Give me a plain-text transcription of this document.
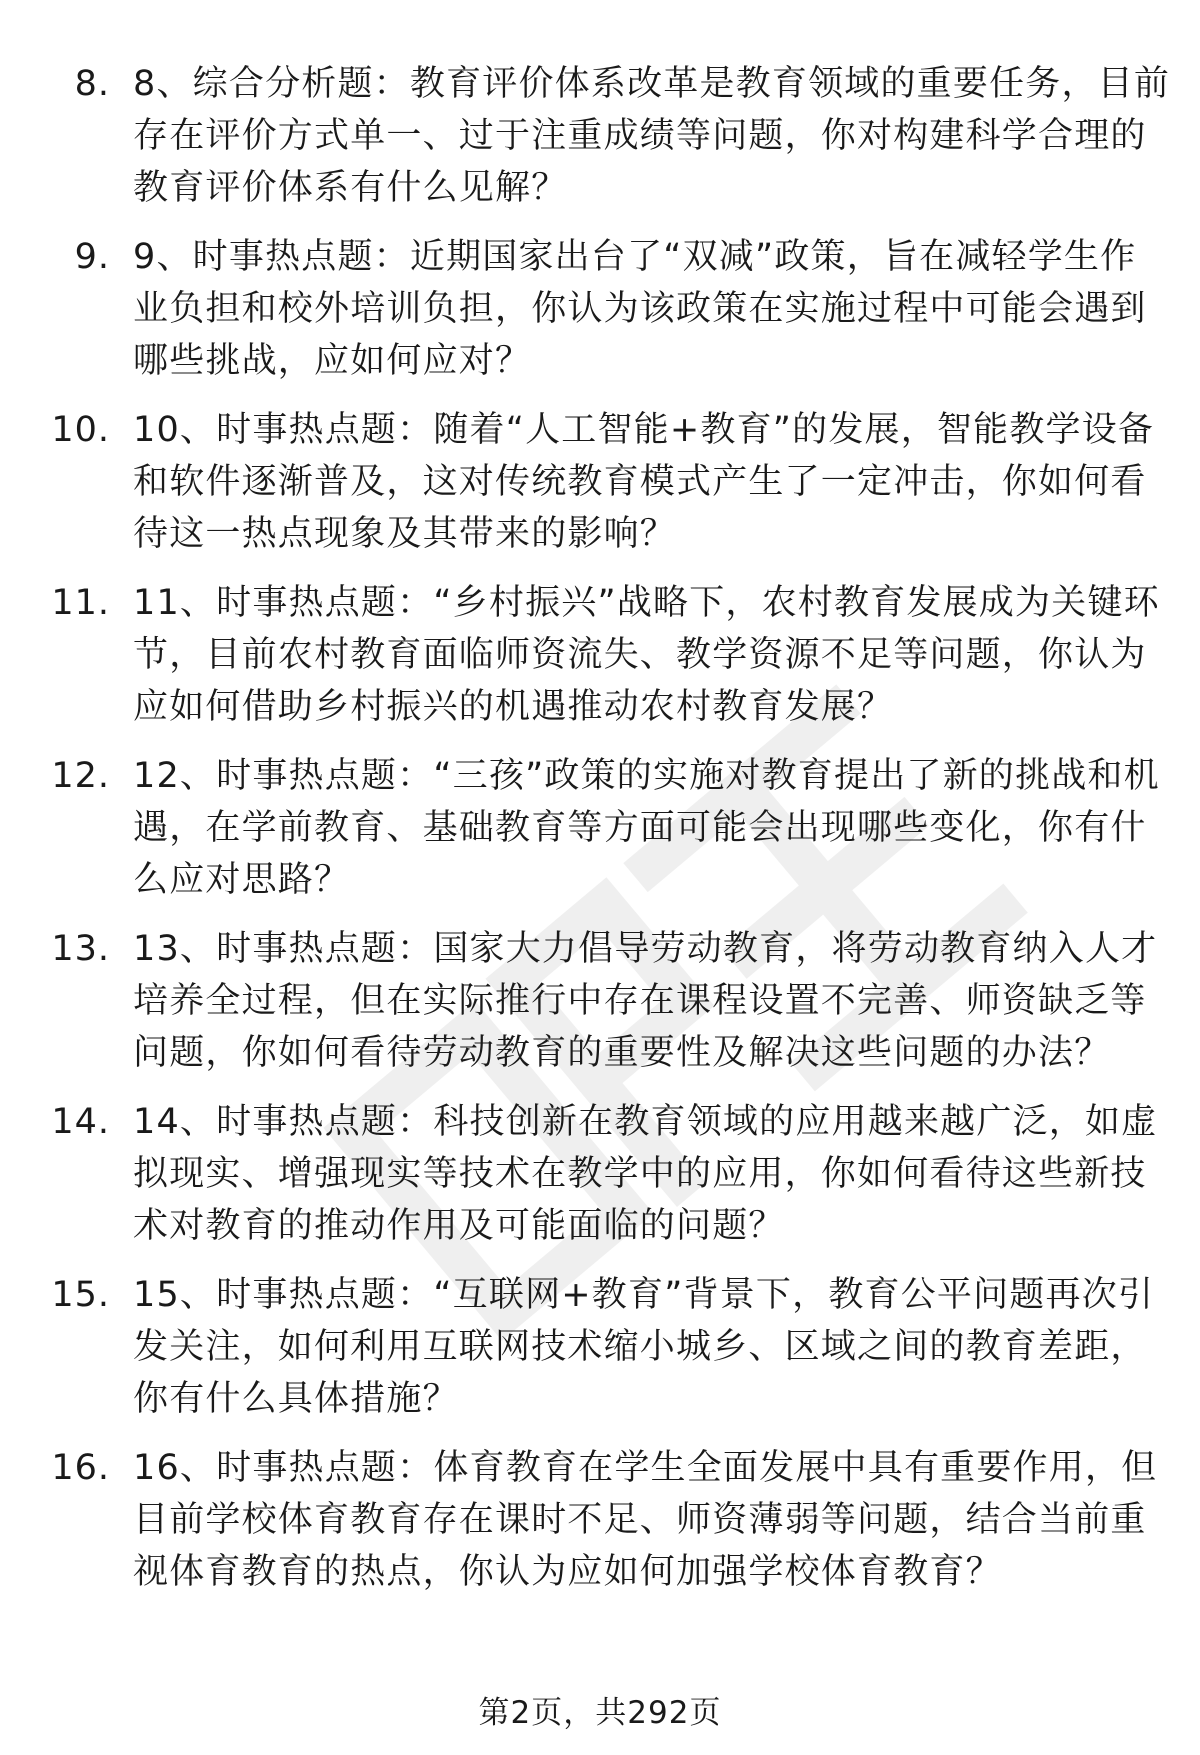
8. 8、综合分析题：教育评价体系改革是教育领域的重要任务，目前存在评价方式单一、过于注重成绩等问题，你对构建科学合理的教育评价体系有什么见解？
9. 9、时事热点题：近期国家出台了“双减”政策，旨在减轻学生作业负担和校外培训负担，你认为该政策在实施过程中可能会遇到哪些挑战，应如何应对？
10. 10、时事热点题：随着“人工智能+教育”的发展，智能教学设备和软件逐渐普及，这对传统教育模式产生了一定冲击，你如何看待这一热点现象及其带来的影响？
11. 11、时事热点题：“乡村振兴”战略下，农村教育发展成为关键环节，目前农村教育面临师资流失、教学资源不足等问题，你认为应如何借助乡村振兴的机遇推动农村教育发展？
12. 12、时事热点题：“三孩”政策的实施对教育提出了新的挑战和机遇，在学前教育、基础教育等方面可能会出现哪些变化，你有什么应对思路？
13. 13、时事热点题：国家大力倡导劳动教育，将劳动教育纳入人才培养全过程，但在实际推行中存在课程设置不完善、师资缺乏等问题，你如何看待劳动教育的重要性及解决这些问题的办法？
14. 14、时事热点题：科技创新在教育领域的应用越来越广泛，如虚拟现实、增强现实等技术在教学中的应用，你如何看待这些新技术对教育的推动作用及可能面临的问题？
15. 15、时事热点题：“互联网+教育”背景下，教育公平问题再次引发关注，如何利用互联网技术缩小城乡、区域之间的教育差距，你有什么具体措施？
16. 16、时事热点题：体育教育在学生全面发展中具有重要作用，但目前学校体育教育存在课时不足、师资薄弱等问题，结合当前重视体育教育的热点，你认为应如何加强学校体育教育？
第2页，共292页
